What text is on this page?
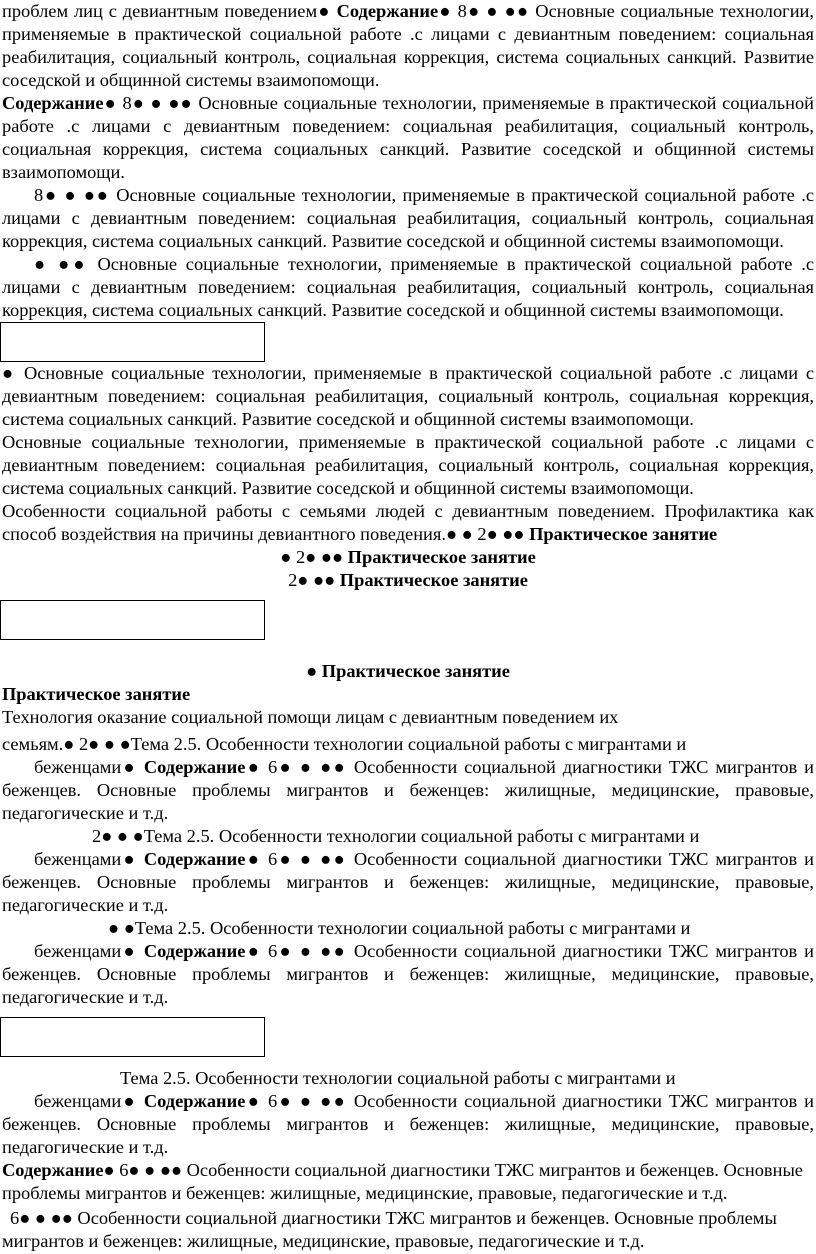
проблем лиц с девиантным поведением● Содержание● 8● ● ●● Основные социальные технологии, применяемые в практической социальной работе .с лицами с девиантным поведением: социальная реабилитация, социальный контроль, социальная коррекция, система социальных санкций. Развитие соседской и общинной системы взаимопомощи.

Содержание● 8● ● ●● Основные социальные технологии, применяемые в практической социальной работе .с лицами с девиантным поведением: социальная реабилитация, социальный контроль, социальная коррекция, система социальных санкций. Развитие соседской и общинной системы взаимопомощи.

8● ● ●● Основные социальные технологии, применяемые в практической социальной работе .с лицами с девиантным поведением: социальная реабилитация, социальный контроль, социальная коррекция, система социальных санкций. Развитие соседской и общинной системы взаимопомощи.

● ●● Основные социальные технологии, применяемые в практической социальной работе .с лицами с девиантным поведением: социальная реабилитация, социальный контроль, социальная коррекция, система социальных санкций. Развитие соседской и общинной системы взаимопомощи.

● Основные социальные технологии, применяемые в практической социальной работе .с лицами с девиантным поведением: социальная реабилитация, социальный контроль, социальная коррекция, система социальных санкций. Развитие соседской и общинной системы взаимопомощи.

Основные социальные технологии, применяемые в практической социальной работе .с лицами с девиантным поведением: социальная реабилитация, социальный контроль, социальная коррекция, система социальных санкций. Развитие соседской и общинной системы взаимопомощи.

Особенности социальной работы с семьями людей с девиантным поведением. Профилактика как способ воздействия на причины девиантного поведения.● ● 2● ●● Практическое занятие

● 2● ●● Практическое занятие

2● ●● Практическое занятие

● Практическое занятие

Практическое занятие

Технология оказание социальной помощи лицам с девиантным поведением их

семьям.● 2● ● ●Тема 2.5. Особенности технологии социальной работы с мигрантами и

беженцами● Содержание● 6● ● ●● Особенности социальной диагностики ТЖС мигрантов и беженцев. Основные проблемы мигрантов и беженцев: жилищные, медицинские, правовые, педагогические и т.д.

2● ● ●Тема 2.5. Особенности технологии социальной работы с мигрантами и

беженцами● Содержание● 6● ● ●● Особенности социальной диагностики ТЖС мигрантов и беженцев. Основные проблемы мигрантов и беженцев: жилищные, медицинские, правовые, педагогические и т.д.

● ●Тема 2.5. Особенности технологии социальной работы с мигрантами и

беженцами● Содержание● 6● ● ●● Особенности социальной диагностики ТЖС мигрантов и беженцев. Основные проблемы мигрантов и беженцев: жилищные, медицинские, правовые, педагогические и т.д.

Тема 2.5. Особенности технологии социальной работы с мигрантами и

беженцами● Содержание● 6● ● ●● Особенности социальной диагностики ТЖС мигрантов и беженцев. Основные проблемы мигрантов и беженцев: жилищные, медицинские, правовые, педагогические и т.д.

Содержание● 6● ● ●● Особенности социальной диагностики ТЖС мигрантов и беженцев. Основные проблемы мигрантов и беженцев: жилищные, медицинские, правовые, педагогические и т.д.

6● ● ●● Особенности социальной диагностики ТЖС мигрантов и беженцев. Основные проблемы мигрантов и беженцев: жилищные, медицинские, правовые, педагогические и т.д.
